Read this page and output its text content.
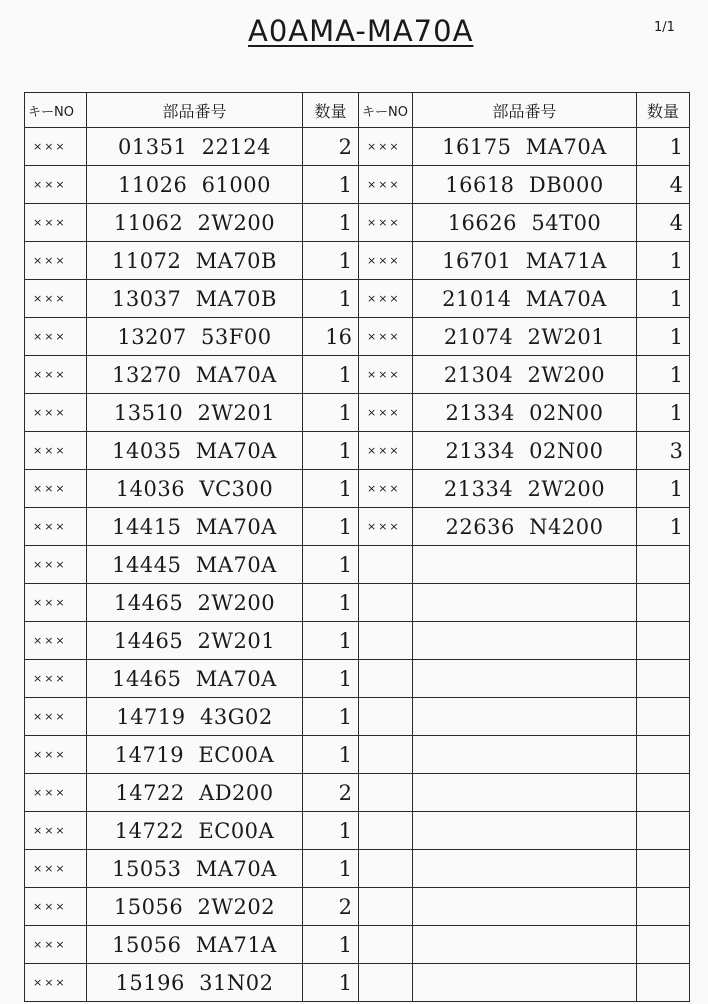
A0AMA-MA70A	1/1
キーNO	部品番号	数量	キーNO	部品番号	数量
×××	01351  22124	2	×××	16175  MA70A	1
×××	11026  61000	1	×××	16618  DB000	4
×××	11062  2W200	1	×××	16626  54T00	4
×××	11072  MA70B	1	×××	16701  MA71A	1
×××	13037  MA70B	1	×××	21014  MA70A	1
×××	13207  53F00	16	×××	21074  2W201	1
×××	13270  MA70A	1	×××	21304  2W200	1
×××	13510  2W201	1	×××	21334  02N00	1
×××	14035  MA70A	1	×××	21334  02N00	3
×××	14036  VC300	1	×××	21334  2W200	1
×××	14415  MA70A	1	×××	22636  N4200	1
×××	14445  MA70A	1			
×××	14465  2W200	1			
×××	14465  2W201	1			
×××	14465  MA70A	1			
×××	14719  43G02	1			
×××	14719  EC00A	1			
×××	14722  AD200	2			
×××	14722  EC00A	1			
×××	15053  MA70A	1			
×××	15056  2W202	2			
×××	15056  MA71A	1			
×××	15196  31N02	1			
